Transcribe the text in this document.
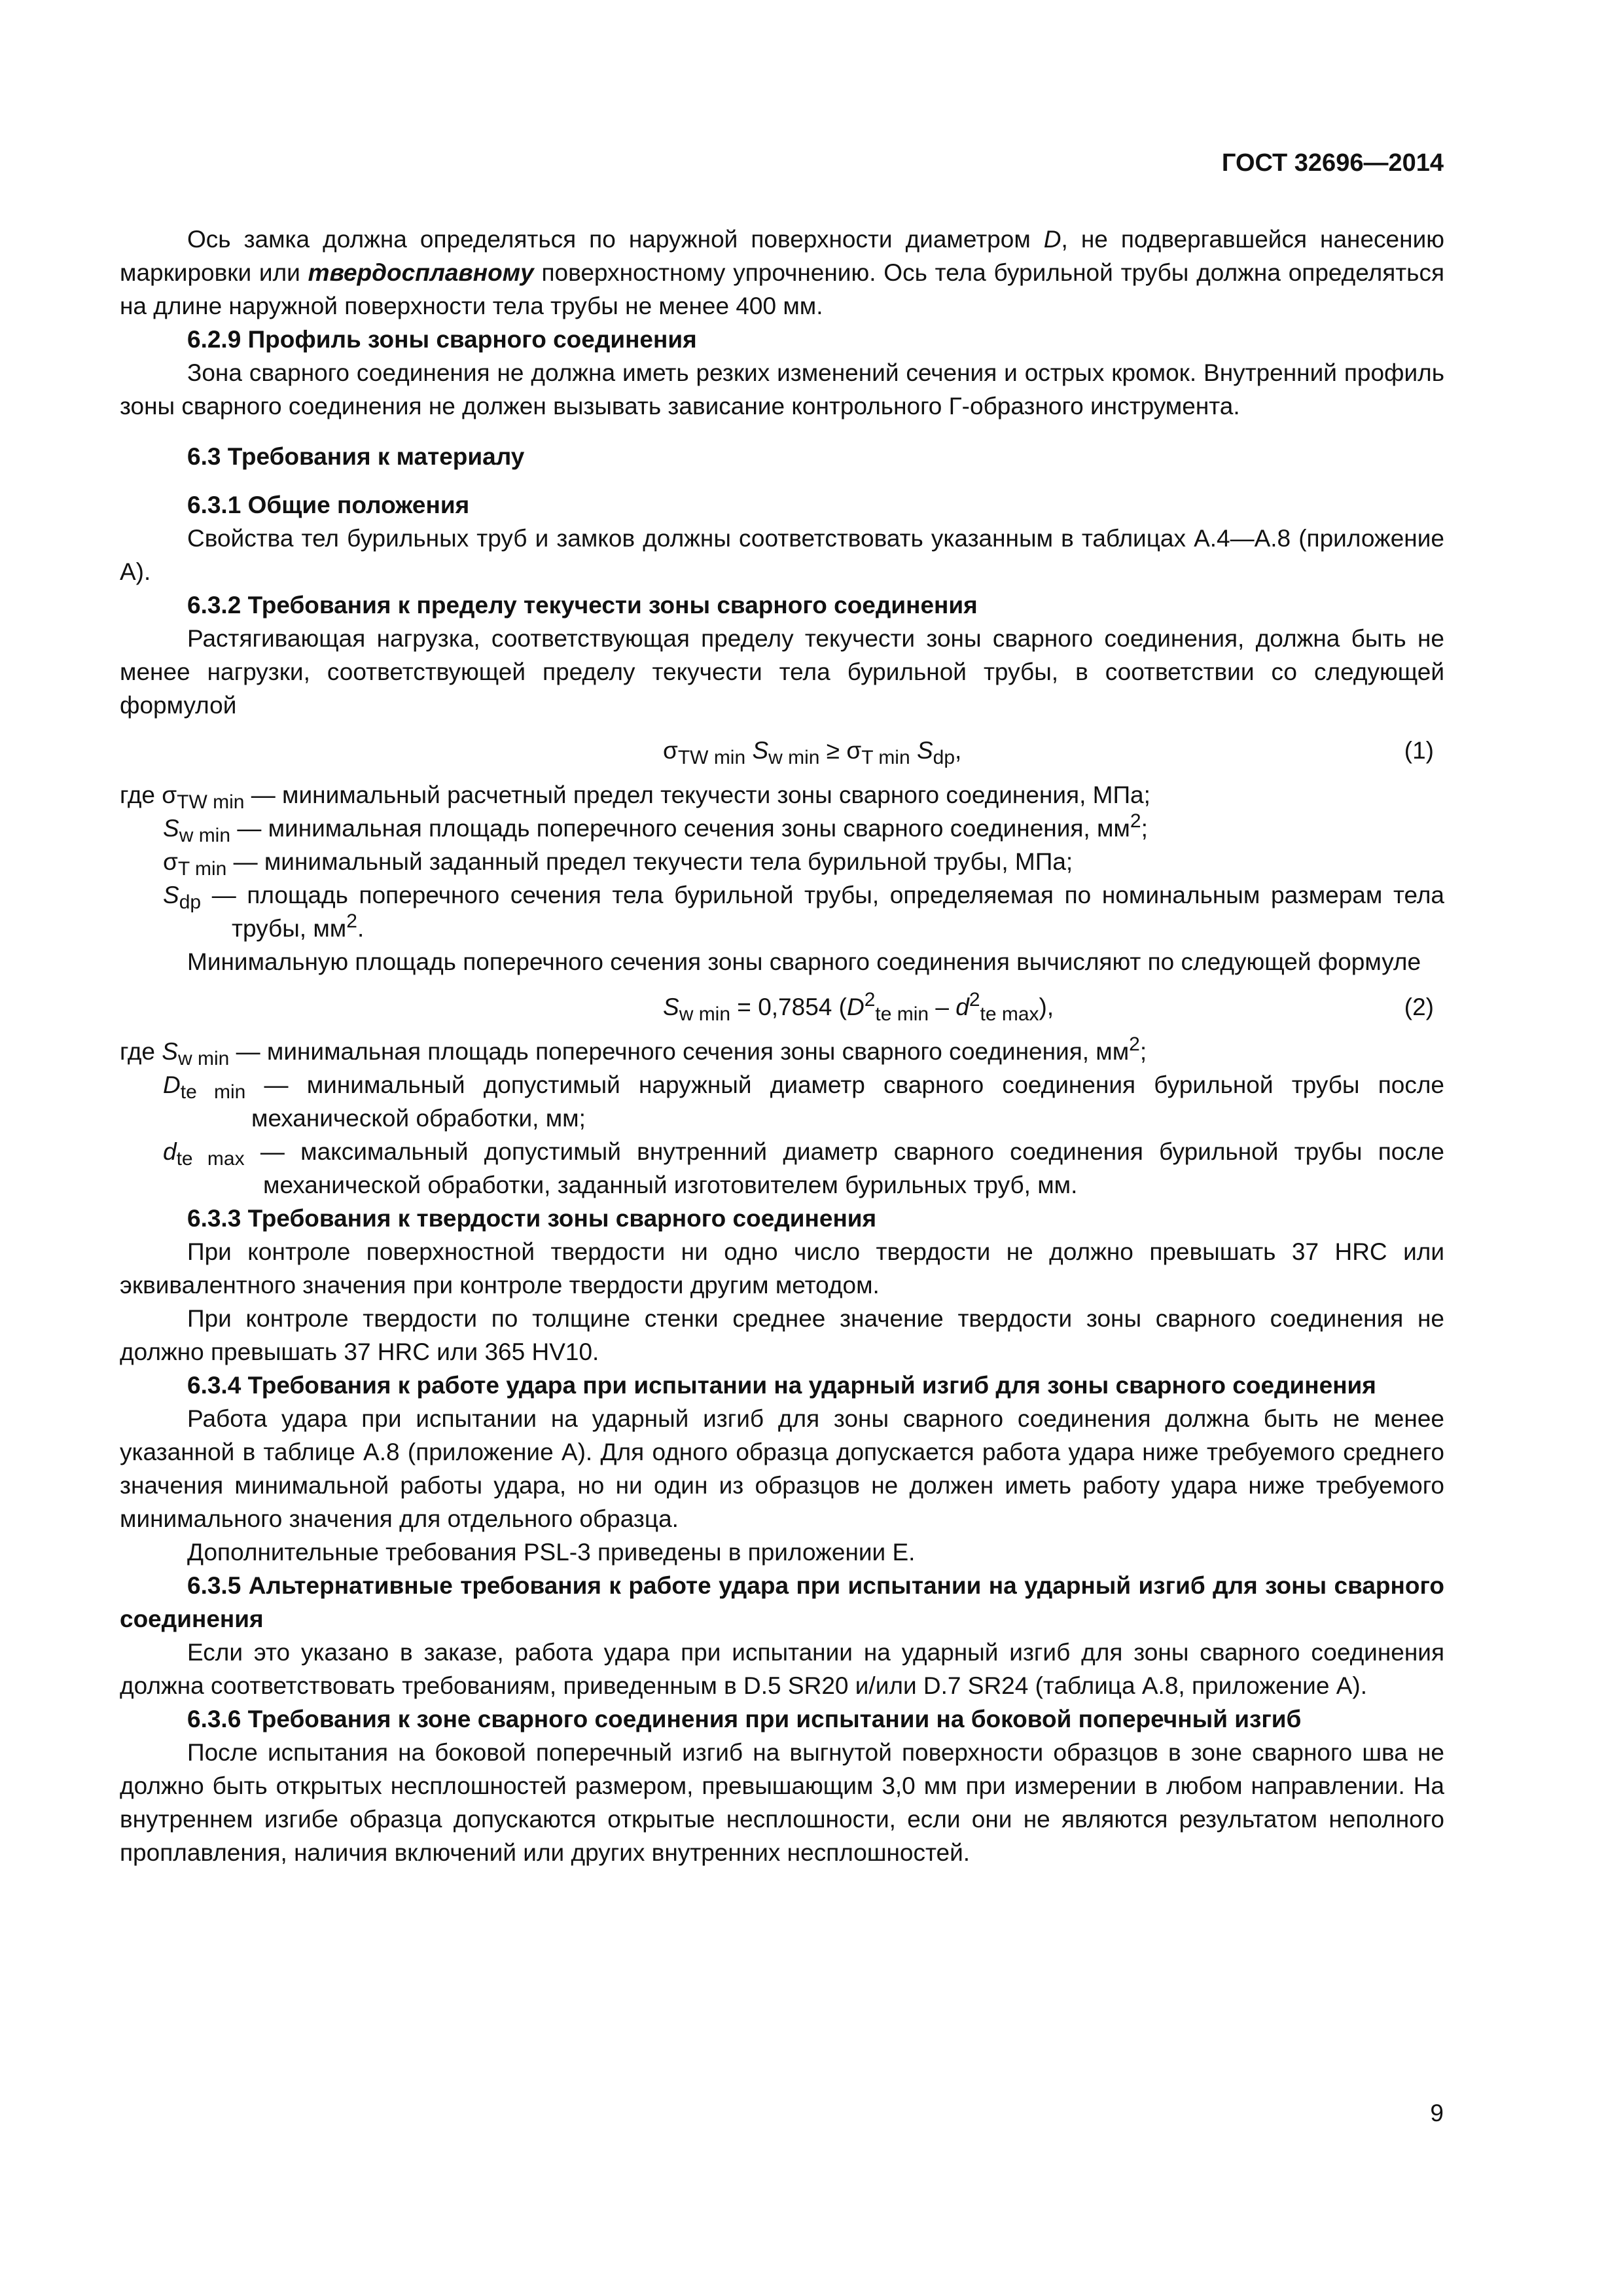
ГОСТ 32696—2014

Ось замка должна определяться по наружной поверхности диаметром D, не подвергавшейся нанесению маркировки или твердосплавному поверхностному упрочнению. Ось тела бурильной трубы должна определяться на длине наружной поверхности тела трубы не менее 400 мм.

6.2.9 Профиль зоны сварного соединения

Зона сварного соединения не должна иметь резких изменений сечения и острых кромок. Внутренний профиль зоны сварного соединения не должен вызывать зависание контрольного Г-образного инструмента.

6.3 Требования к материалу

6.3.1 Общие положения

Свойства тел бурильных труб и замков должны соответствовать указанным в таблицах А.4—А.8 (приложение А).

6.3.2 Требования к пределу текучести зоны сварного соединения

Растягивающая нагрузка, соответствующая пределу текучести зоны сварного соединения, должна быть не менее нагрузки, соответствующей пределу текучести тела бурильной трубы, в соответствии со следующей формулой

$\sigma_{TW min}$ $S_{w min} \ge \sigma_{T min}$ $S_{dp}$,	(1)
где $\sigma_{TW min}$ — минимальный расчетный предел текучести зоны сварного соединения, МПа;
$S_{w min}$ — минимальная площадь поперечного сечения зоны сварного соединения, $мм^2$;
$\sigma_{T min}$ — минимальный заданный предел текучести тела бурильной трубы, МПа;
$S_{dp}$ — площадь поперечного сечения тела бурильной трубы, определяемая по номинальным размерам тела трубы, $мм^2$.

Минимальную площадь поперечного сечения зоны сварного соединения вычисляют по следующей формуле

$S_{w min} = 0,7854$ $(D^2_{te min} - d^2_{te max})$,	(2)
где $S_{w min}$ — минимальная площадь поперечного сечения зоны сварного соединения, $мм^2$;
$D_{te min}$ — минимальный допустимый наружный диаметр сварного соединения бурильной трубы после механической обработки, мм;
$d_{te max}$ — максимальный допустимый внутренний диаметр сварного соединения бурильной трубы после механической обработки, заданный изготовителем бурильных труб, мм.

6.3.3 Требования к твердости зоны сварного соединения

При контроле поверхностной твердости ни одно число твердости не должно превышать 37 HRC или эквивалентного значения при контроле твердости другим методом.

При контроле твердости по толщине стенки среднее значение твердости зоны сварного соединения не должно превышать 37 HRC или 365 HV10.

6.3.4 Требования к работе удара при испытании на ударный изгиб для зоны сварного соединения

Работа удара при испытании на ударный изгиб для зоны сварного соединения должна быть не менее указанной в таблице А.8 (приложение А). Для одного образца допускается работа удара ниже требуемого среднего значения минимальной работы удара, но ни один из образцов не должен иметь работу удара ниже требуемого минимального значения для отдельного образца.

Дополнительные требования PSL-3 приведены в приложении Е.

6.3.5 Альтернативные требования к работе удара при испытании на ударный изгиб для зоны сварного соединения

Если это указано в заказе, работа удара при испытании на ударный изгиб для зоны сварного соединения должна соответствовать требованиям, приведенным в D.5 SR20 и/или D.7 SR24 (таблица А.8, приложение А).

6.3.6 Требования к зоне сварного соединения при испытании на боковой поперечный изгиб

После испытания на боковой поперечный изгиб на выгнутой поверхности образцов в зоне сварного шва не должно быть открытых несплошностей размером, превышающим 3,0 мм при измерении в любом направлении. На внутреннем изгибе образца допускаются открытые несплошности, если они не являются результатом неполного проплавления, наличия включений или других внутренних несплошностей.

9
